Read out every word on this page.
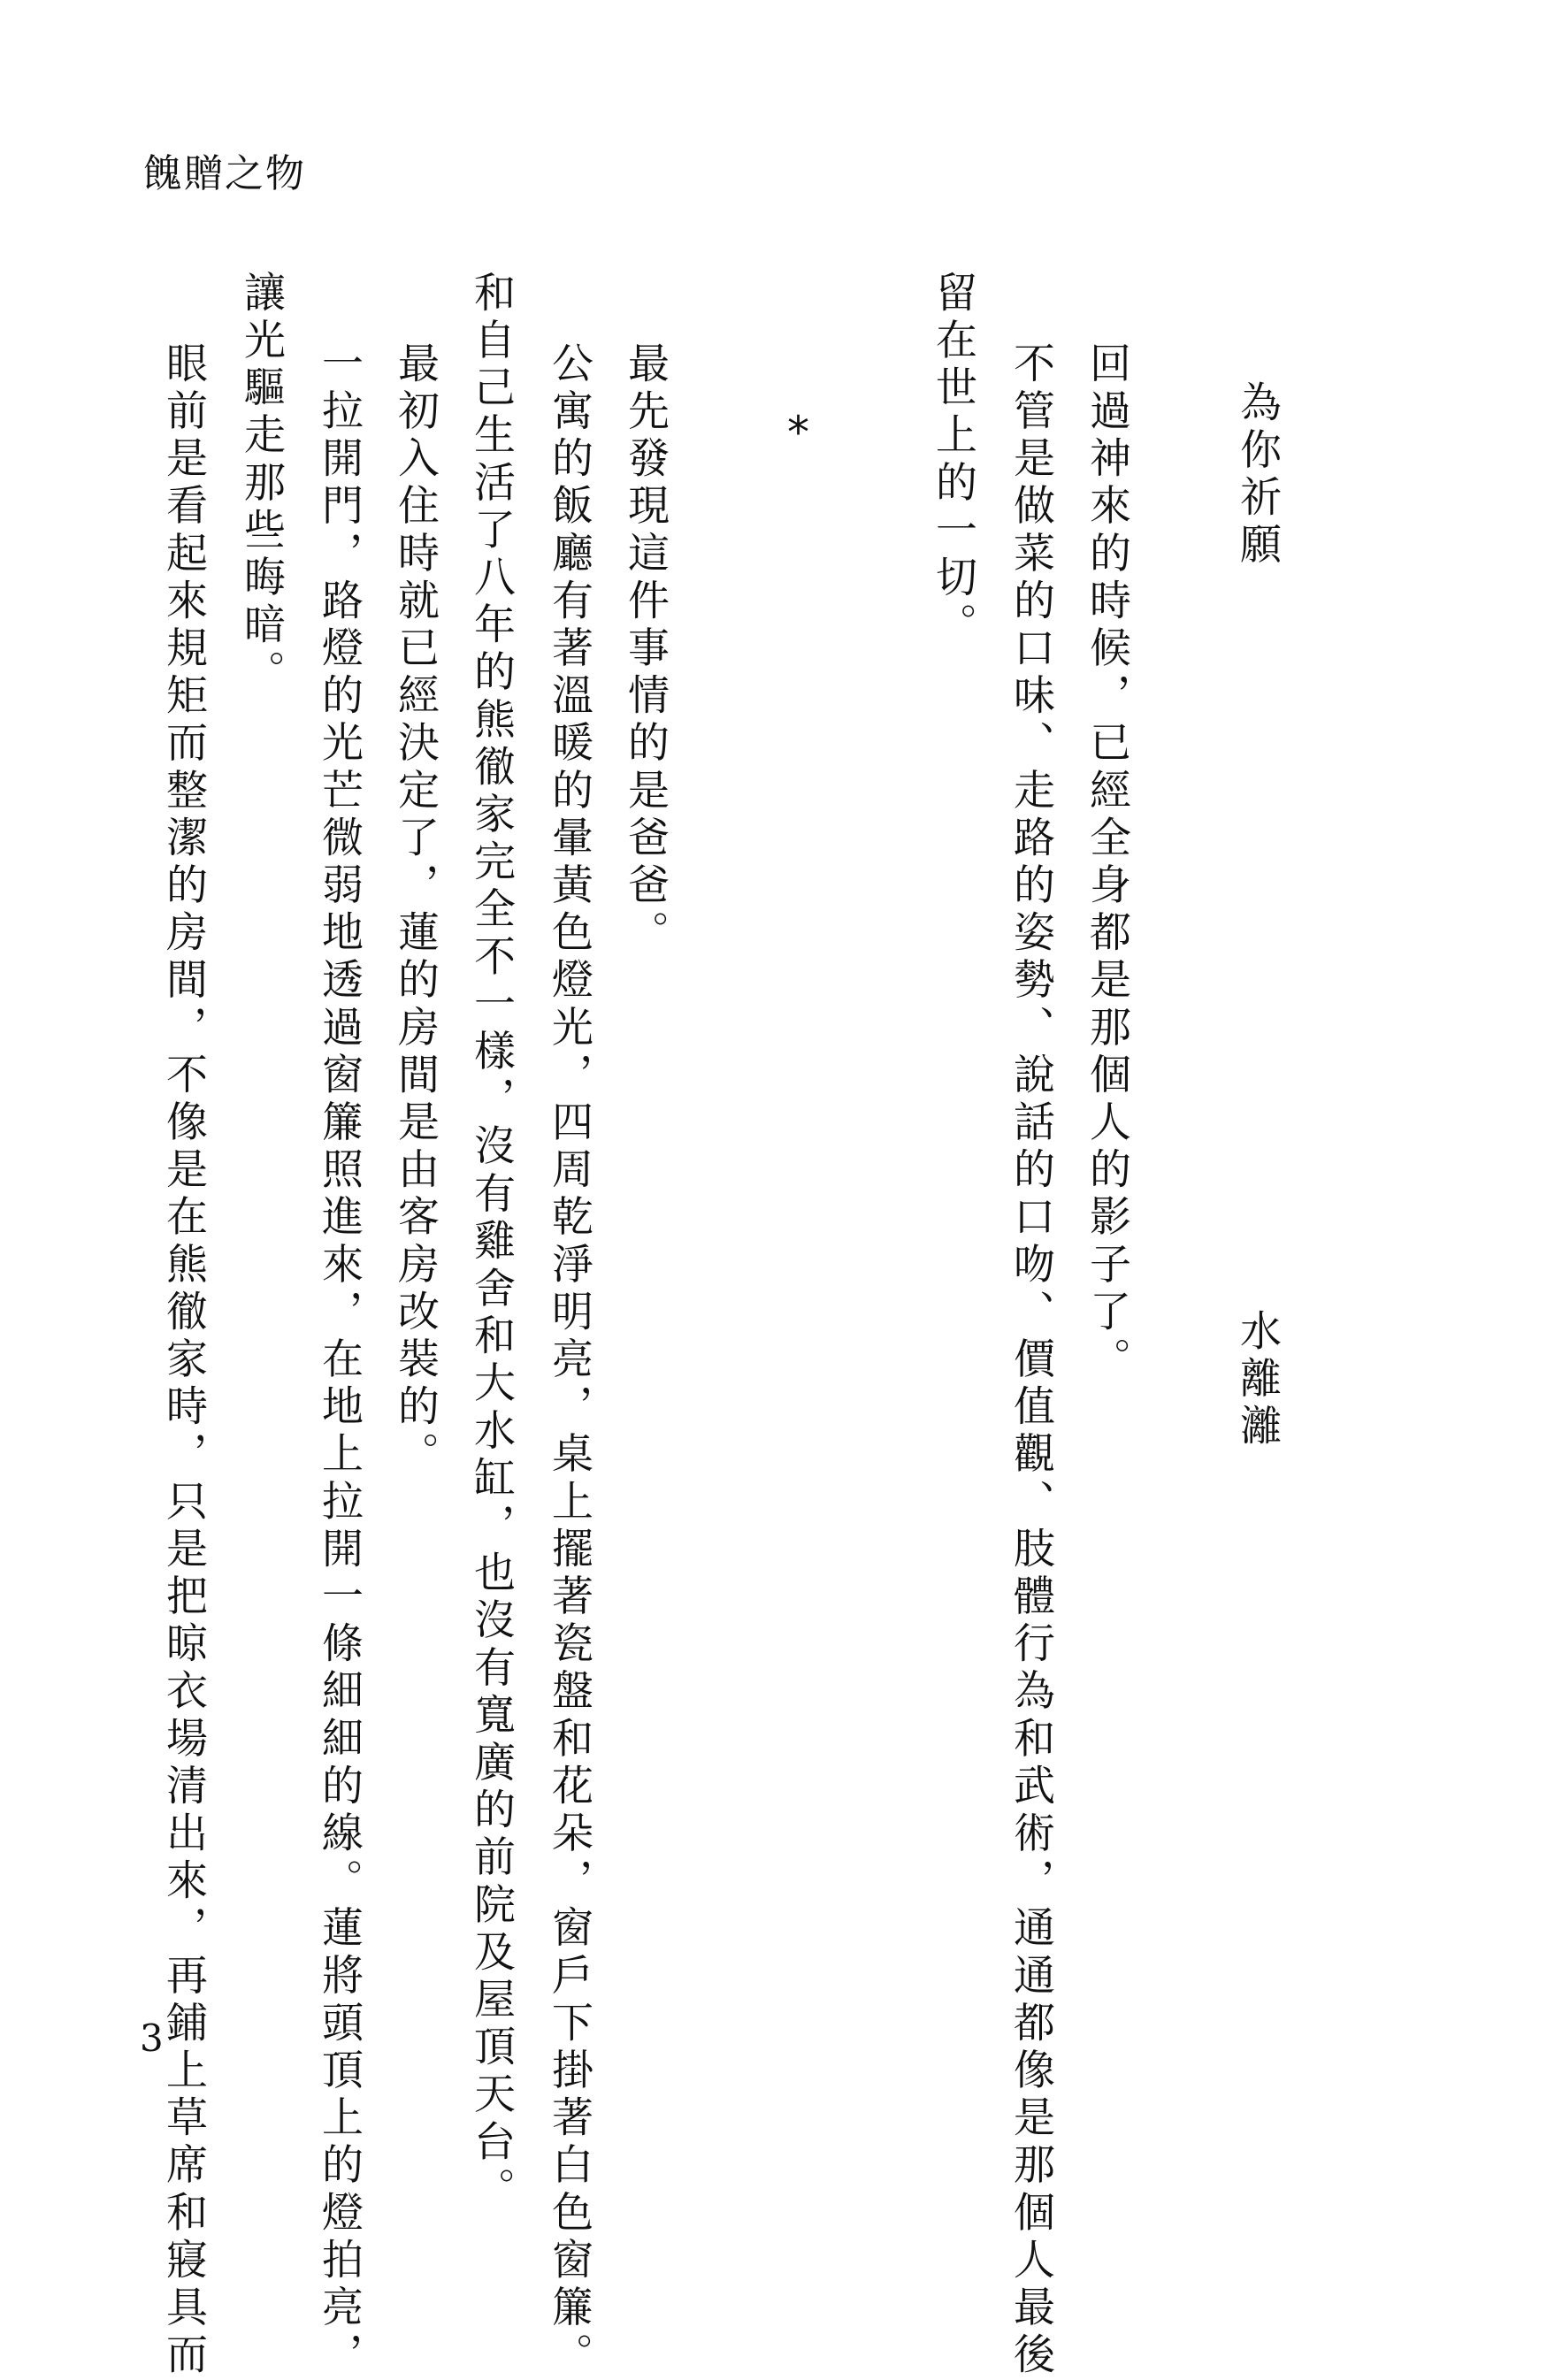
餽贈之物
為你祈願
水離灕
回過神來的時候，已經全身都是那個人的影子了。
不管是做菜的口味、走路的姿勢、說話的口吻、價值觀、肢體行為和武術，通通都像是那個人最後
留在世上的一切。
*
最先發現這件事情的是爸爸。
公寓的飯廳有著溫暖的暈黃色燈光，四周乾淨明亮，桌上擺著瓷盤和花朵，窗戶下掛著白色窗簾。
和自己生活了八年的熊徹家完全不一樣，沒有雞舍和大水缸，也沒有寬廣的前院及屋頂天台。
最初入住時就已經決定了，蓮的房間是由客房改裝的。
一拉開門，路燈的光芒微弱地透過窗簾照進來，在地上拉開一條細細的線。蓮將頭頂上的燈拍亮，
讓光驅走那些晦暗。
眼前是看起來規矩而整潔的房間，不像是在熊徹家時，只是把晾衣場清出來，再鋪上草席和寢具而
3
